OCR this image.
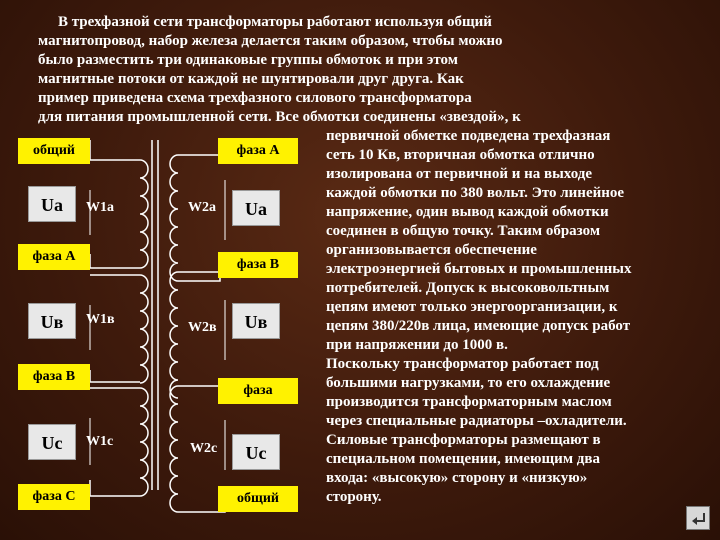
В трехфазной сети трансформаторы работают используя общий
магнитопровод, набор железа делается таким образом, чтобы можно
было разместить три одинаковые группы обмоток и при этом
магнитные потоки от каждой не шунтировали друг друга. Как
пример приведена схема трехфазного силового трансформатора
для питания промышленной сети. Все обмотки соединены «звездой», к
первичной обметке подведена трехфазная
сеть 10 Кв, вторичная обмотка отлично
изолирована от первичной и на выходе
каждой обмотки по 380 вольт. Это линейное
напряжение, один вывод каждой обмотки
соединен в общую точку. Таким образом
организовывается обеспечение
электроэнергией бытовых и промышленных
потребителей. Допуск к высоковольтным
цепям имеют только энергоорганизации, к
цепям 380/220в лица, имеющие допуск работ
при напряжении до 1000 в.
Поскольку трансформатор работает под
большими нагрузками, то его охлаждение
производится трансформаторным маслом
через специальные радиаторы –охладители.
Силовые трансформаторы размещают в
специальном помещении, имеющим два
входа: «высокую» сторону и «низкую»
сторону.
общий
фаза А
фаза В
фаза С
фаза А
фаза В
фаза
общий
Ua
Uв
Uc
Ua
Uв
Uc
W1a
W1в
W1c
W2a
W2в
W2c
